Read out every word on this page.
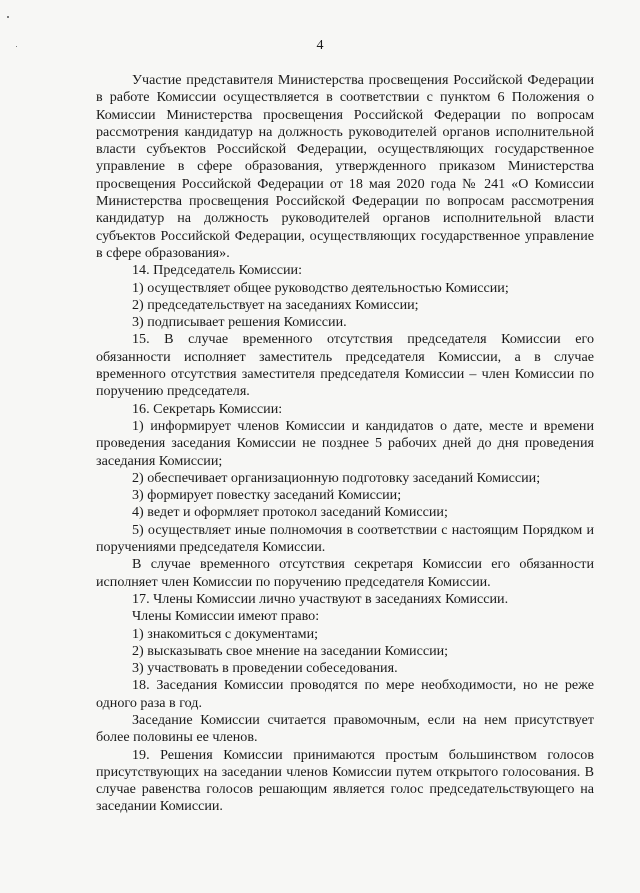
4

Участие представителя Министерства просвещения Российской Федерации в работе Комиссии осуществляется в соответствии с пунктом 6 Положения о Комиссии Министерства просвещения Российской Федерации по вопросам рассмотрения кандидатур на должность руководителей органов исполнительной власти субъектов Российской Федерации, осуществляющих государственное управление в сфере образования, утвержденного приказом Министерства просвещения Российской Федерации от 18 мая 2020 года № 241 «О Комиссии Министерства просвещения Российской Федерации по вопросам рассмотрения кандидатур на должность руководителей органов исполнительной власти субъектов Российской Федерации, осуществляющих государственное управление в сфере образования».

14. Председатель Комиссии:

1) осуществляет общее руководство деятельностью Комиссии;

2) председательствует на заседаниях Комиссии;

3) подписывает решения Комиссии.

15. В случае временного отсутствия председателя Комиссии его обязанности исполняет заместитель председателя Комиссии, а в случае временного отсутствия заместителя председателя Комиссии – член Комиссии по поручению председателя.

16. Секретарь Комиссии:

1) информирует членов Комиссии и кандидатов о дате, месте и времени проведения заседания Комиссии не позднее 5 рабочих дней до дня проведения заседания Комиссии;

2) обеспечивает организационную подготовку заседаний Комиссии;

3) формирует повестку заседаний Комиссии;

4) ведет и оформляет протокол заседаний Комиссии;

5) осуществляет иные полномочия в соответствии с настоящим Порядком и поручениями председателя Комиссии.

В случае временного отсутствия секретаря Комиссии его обязанности исполняет член Комиссии по поручению председателя Комиссии.

17. Члены Комиссии лично участвуют в заседаниях Комиссии.

Члены Комиссии имеют право:

1) знакомиться с документами;

2) высказывать свое мнение на заседании Комиссии;

3) участвовать в проведении собеседования.

18. Заседания Комиссии проводятся по мере необходимости, но не реже одного раза в год.

Заседание Комиссии считается правомочным, если на нем присутствует более половины ее членов.

19. Решения Комиссии принимаются простым большинством голосов присутствующих на заседании членов Комиссии путем открытого голосования. В случае равенства голосов решающим является голос председательствующего на заседании Комиссии.
